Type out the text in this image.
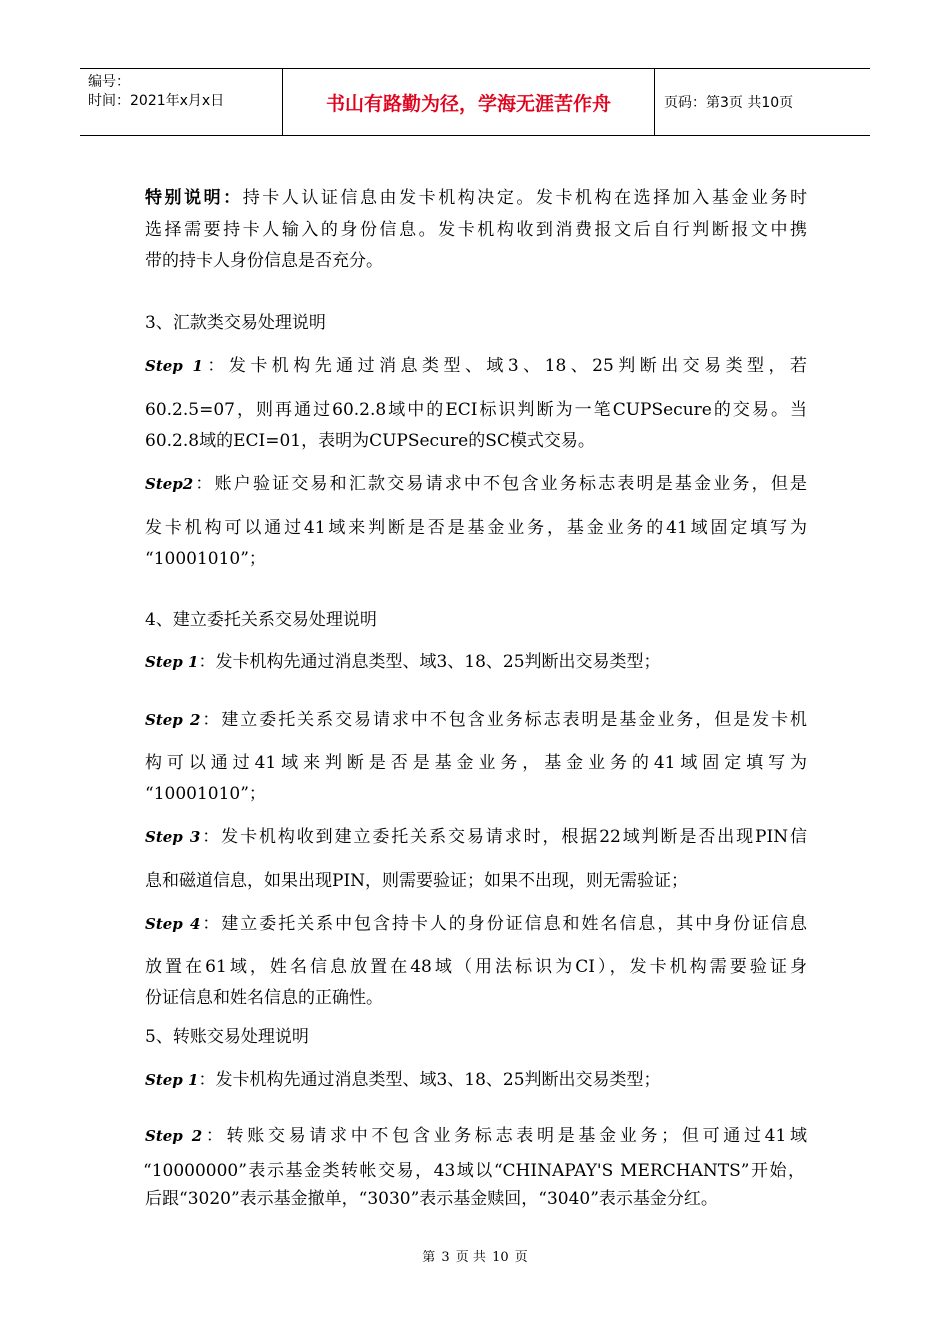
编号：
时间：2021年x月x日	书山有路勤为径，学海无涯苦作舟	页码：第3页 共10页
特别说明：持卡人认证信息由发卡机构决定。发卡机构在选择加入基金业务时
选择需要持卡人输入的身份信息。发卡机构收到消费报文后自行判断报文中携
带的持卡人身份信息是否充分。
3、汇款类交易处理说明
Step 1：发卡机构先通过消息类型、域3、18、25判断出交易类型，若
60.2.5=07，则再通过60.2.8域中的ECI标识判断为一笔CUPSecure的交易。当
60.2.8域的ECI=01，表明为CUPSecure的SC模式交易。
Step2：账户验证交易和汇款交易请求中不包含业务标志表明是基金业务，但是
发卡机构可以通过41域来判断是否是基金业务，基金业务的41域固定填写为
“10001010”；
4、建立委托关系交易处理说明
Step 1：发卡机构先通过消息类型、域3、18、25判断出交易类型；
Step 2：建立委托关系交易请求中不包含业务标志表明是基金业务，但是发卡机
构可以通过41域来判断是否是基金业务，基金业务的41域固定填写为
“10001010”；
Step 3：发卡机构收到建立委托关系交易请求时，根据22域判断是否出现PIN信
息和磁道信息，如果出现PIN，则需要验证；如果不出现，则无需验证；
Step 4：建立委托关系中包含持卡人的身份证信息和姓名信息，其中身份证信息
放置在61域，姓名信息放置在48域（用法标识为CI），发卡机构需要验证身
份证信息和姓名信息的正确性。
5、转账交易处理说明
Step 1：发卡机构先通过消息类型、域3、18、25判断出交易类型；
Step 2：转账交易请求中不包含业务标志表明是基金业务；但可通过41域
“10000000”表示基金类转帐交易，43域以“CHINAPAY'S MERCHANTS”开始，
后跟“3020”表示基金撤单，“3030”表示基金赎回，“3040”表示基金分红。
第 3 页 共 10 页
